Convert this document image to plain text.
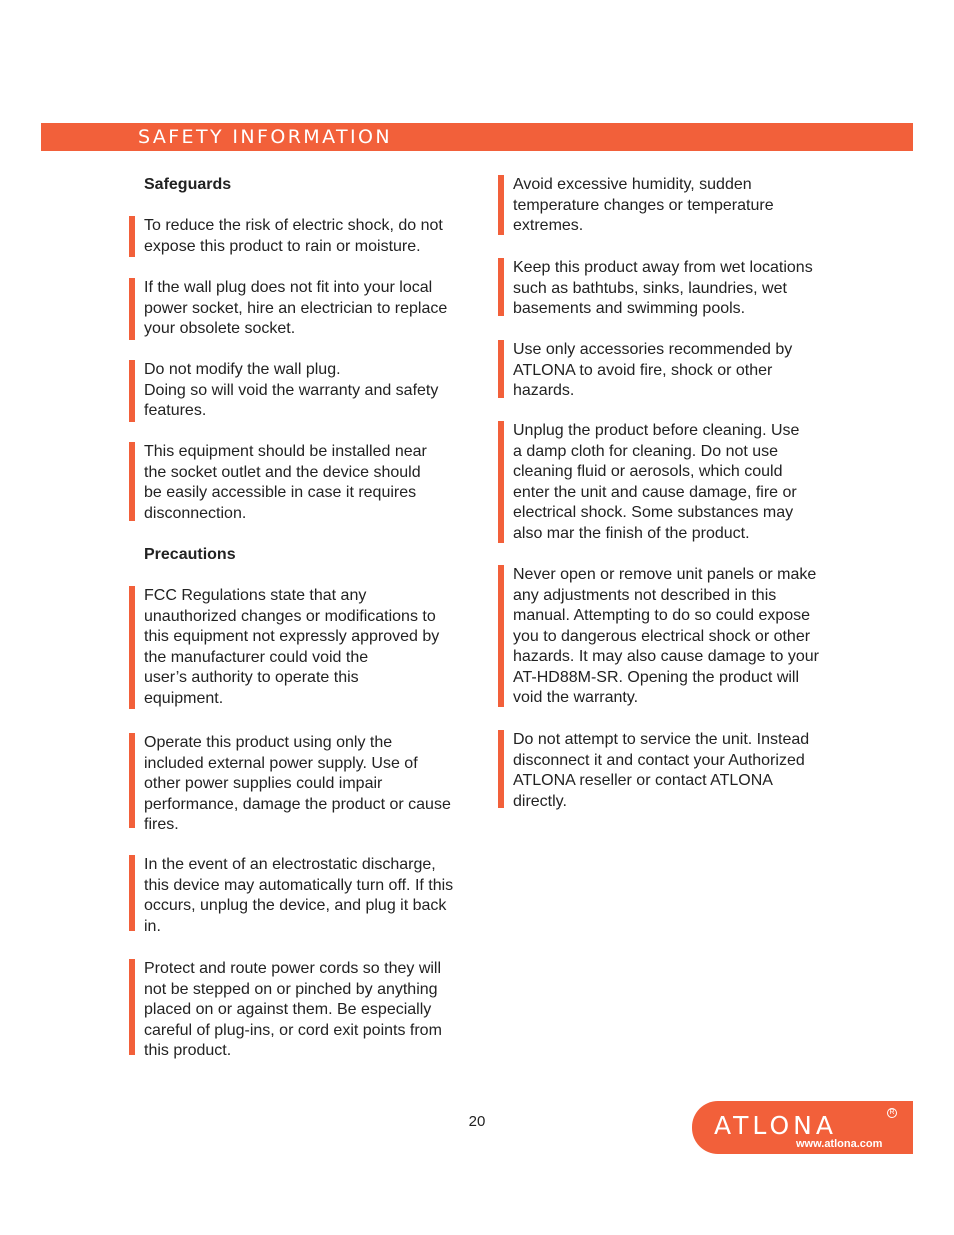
SAFETY INFORMATION
Safeguards
To reduce the risk of electric shock, do not
expose this product to rain or moisture.
If the wall plug does not fit into your local
power socket, hire an electrician to replace
your obsolete socket.
Do not modify the wall plug.
Doing so will void the warranty and safety
features.
This equipment should be installed near
the socket outlet and the device should
be easily accessible in case it requires
disconnection.
Precautions
FCC Regulations state that any
unauthorized changes or modifications to
this equipment not expressly approved by
the manufacturer could void the
user’s authority to operate this
equipment.
Operate this product using only the
included external power supply. Use of
other power supplies could impair
performance, damage the product or cause
fires.
In the event of an electrostatic discharge,
this device may automatically turn off. If this
occurs, unplug the device, and plug it back
in.
Protect and route power cords so they will
not be stepped on or pinched by anything
placed on or against them. Be especially
careful of plug-ins, or cord exit points from
this product.
Avoid excessive humidity, sudden
temperature changes or temperature
extremes.
Keep this product away from wet locations
such as bathtubs, sinks, laundries, wet
basements and swimming pools.
Use only accessories recommended by
ATLONA to avoid fire, shock or other
hazards.
Unplug the product before cleaning. Use
a damp cloth for cleaning. Do not use
cleaning fluid or aerosols, which could
enter the unit and cause damage, fire or
electrical shock. Some substances may
also mar the finish of the product.
Never open or remove unit panels or make
any adjustments not described in this
manual. Attempting to do so could expose
you to dangerous electrical shock or other
hazards. It may also cause damage to your
AT-HD88M-SR. Opening the product will
void the warranty.
Do not attempt to service the unit. Instead
disconnect it and contact your Authorized
ATLONA reseller or contact ATLONA
directly.
20	ATLONA	R
www.atlona.com
